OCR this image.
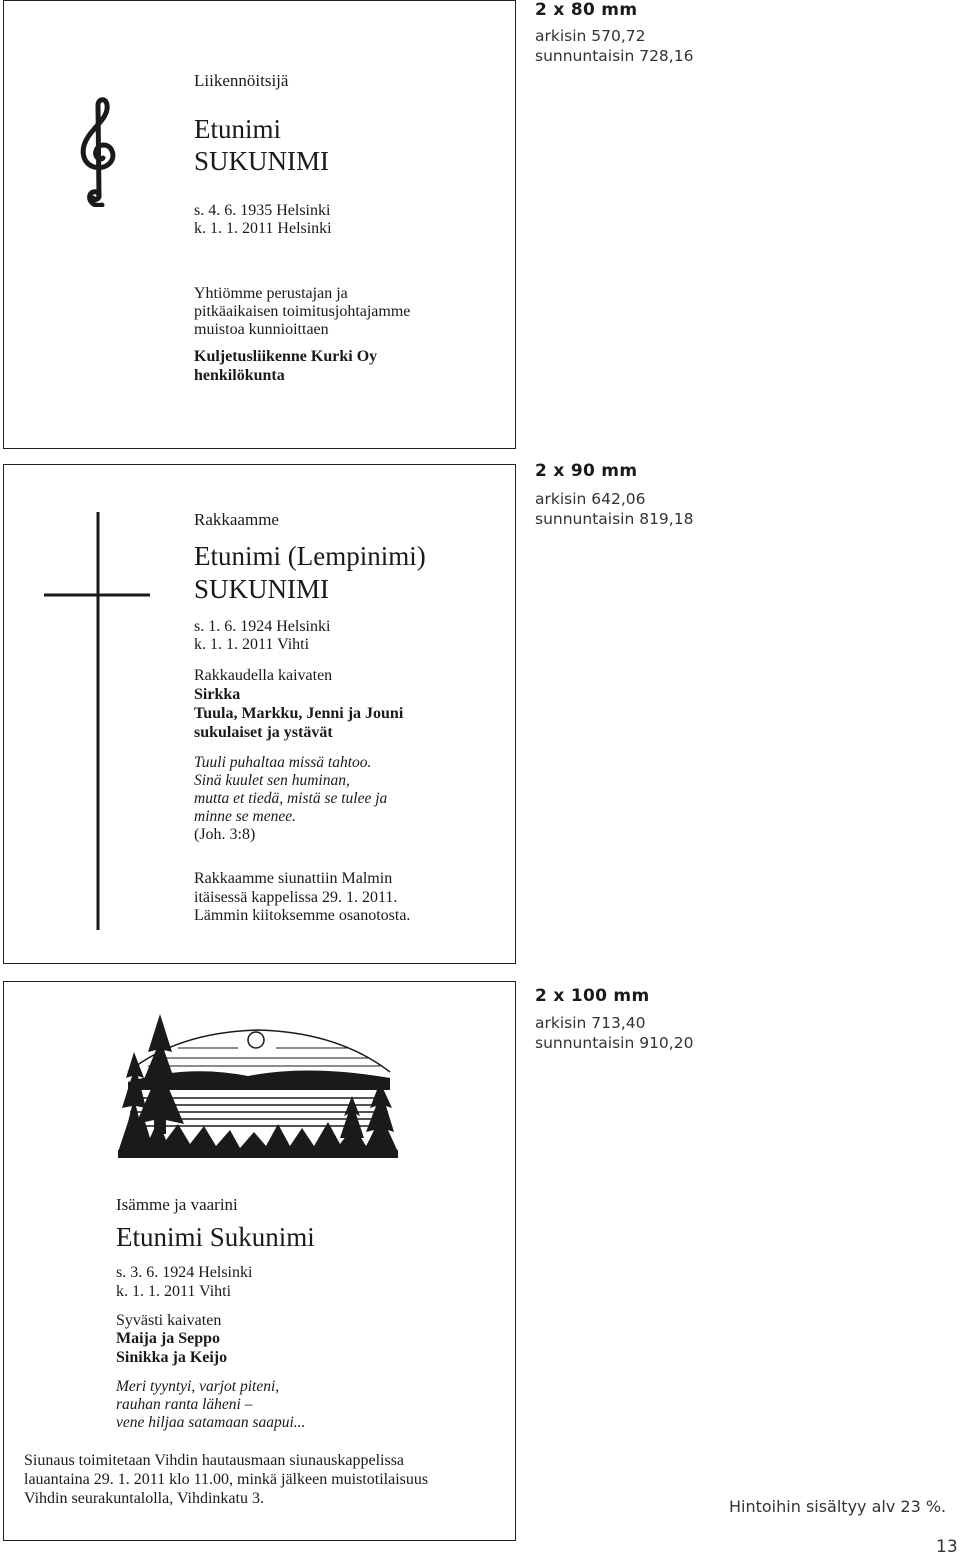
Liikennöitsijä

Etunimi

SUKUNIMI

s. 4. 6. 1935 Helsinki

k. 1. 1. 2011 Helsinki

Yhtiömme perustajan ja

pitkäaikaisen toimitusjohtajamme

muistoa kunnioittaen

Kuljetusliikenne Kurki Oy

henkilökunta

2 x 80 mm

arkisin 570,72

sunnuntaisin 728,16

Rakkaamme

Etunimi (Lempinimi)

SUKUNIMI

s. 1. 6. 1924 Helsinki

k. 1. 1. 2011 Vihti

Rakkaudella kaivaten

Sirkka

Tuula, Markku, Jenni ja Jouni

sukulaiset ja ystävät

Tuuli puhaltaa missä tahtoo.

Sinä kuulet sen huminan,

mutta et tiedä, mistä se tulee ja

minne se menee.

(Joh. 3:8)

Rakkaamme siunattiin Malmin

itäisessä kappelissa 29. 1. 2011.

Lämmin kiitoksemme osanotosta.

2 x 90 mm

arkisin 642,06

sunnuntaisin 819,18

Isämme ja vaarini

Etunimi Sukunimi

s. 3. 6. 1924 Helsinki

k. 1. 1. 2011 Vihti

Syvästi kaivaten

Maija ja Seppo

Sinikka ja Keijo

Meri tyyntyi, varjot piteni,

rauhan ranta läheni –

vene hiljaa satamaan saapui...

Siunaus toimitetaan Vihdin hautausmaan siunauskappelissa

lauantaina 29. 1. 2011 klo 11.00, minkä jälkeen muistotilaisuus

Vihdin seurakuntalolla, Vihdinkatu 3.

2 x 100 mm

arkisin 713,40

sunnuntaisin 910,20

Hintoihin sisältyy alv 23 %.

13
